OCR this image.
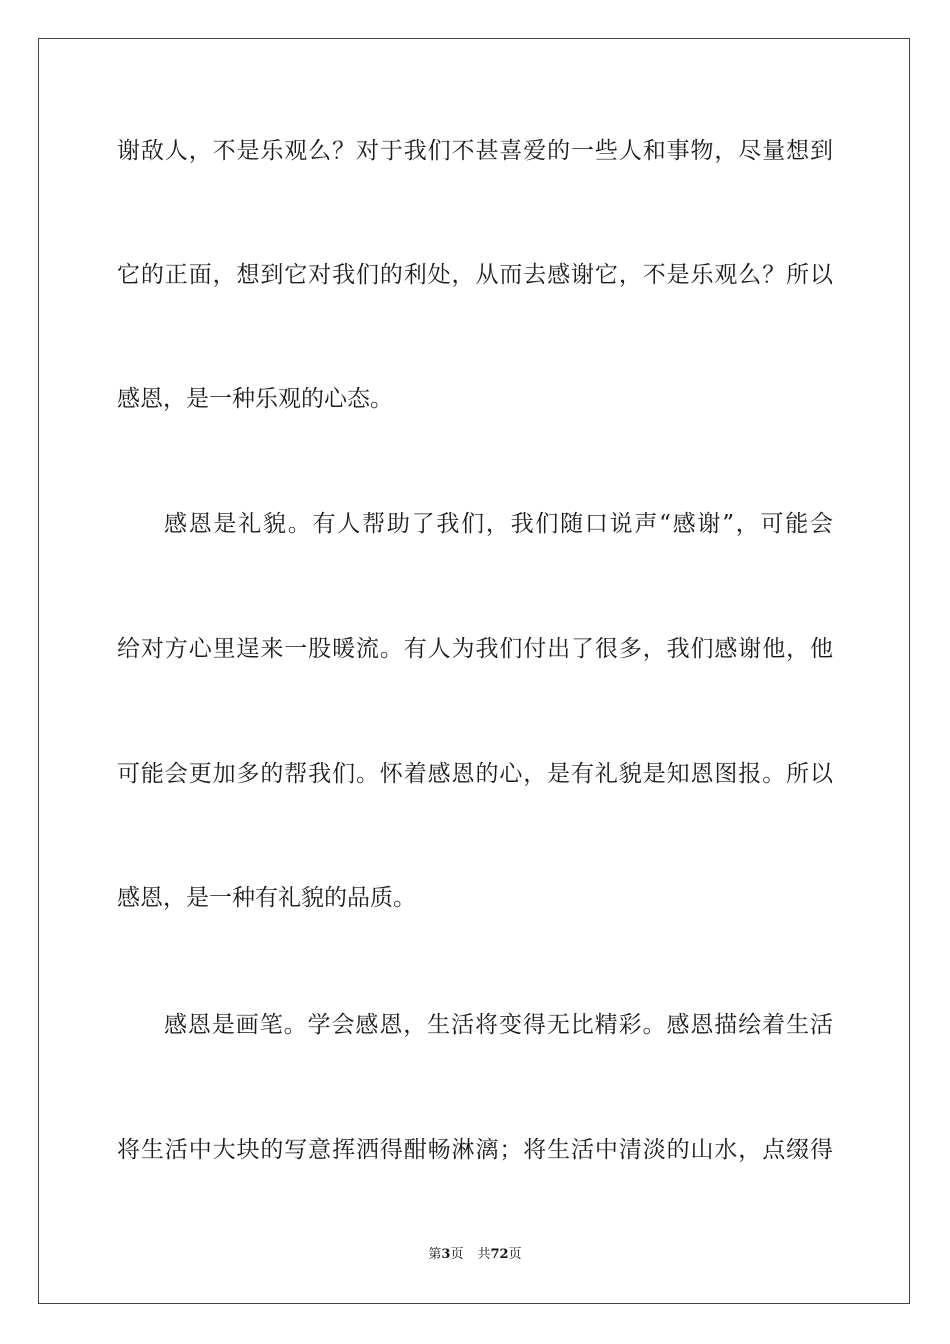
谢敌人，不是乐观么？对于我们不甚喜爱的一些人和事物，尽量想到
它的正面，想到它对我们的利处，从而去感谢它，不是乐观么？所以
感恩，是一种乐观的心态。
感恩是礼貌。有人帮助了我们，我们随口说声“感谢”，可能会
给对方心里逞来一股暖流。有人为我们付出了很多，我们感谢他，他
可能会更加多的帮我们。怀着感恩的心，是有礼貌是知恩图报。所以
感恩，是一种有礼貌的品质。
感恩是画笔。学会感恩，生活将变得无比精彩。感恩描绘着生活
将生活中大块的写意挥洒得酣畅淋漓；将生活中清淡的山水，点缀得
第3页 共72页
